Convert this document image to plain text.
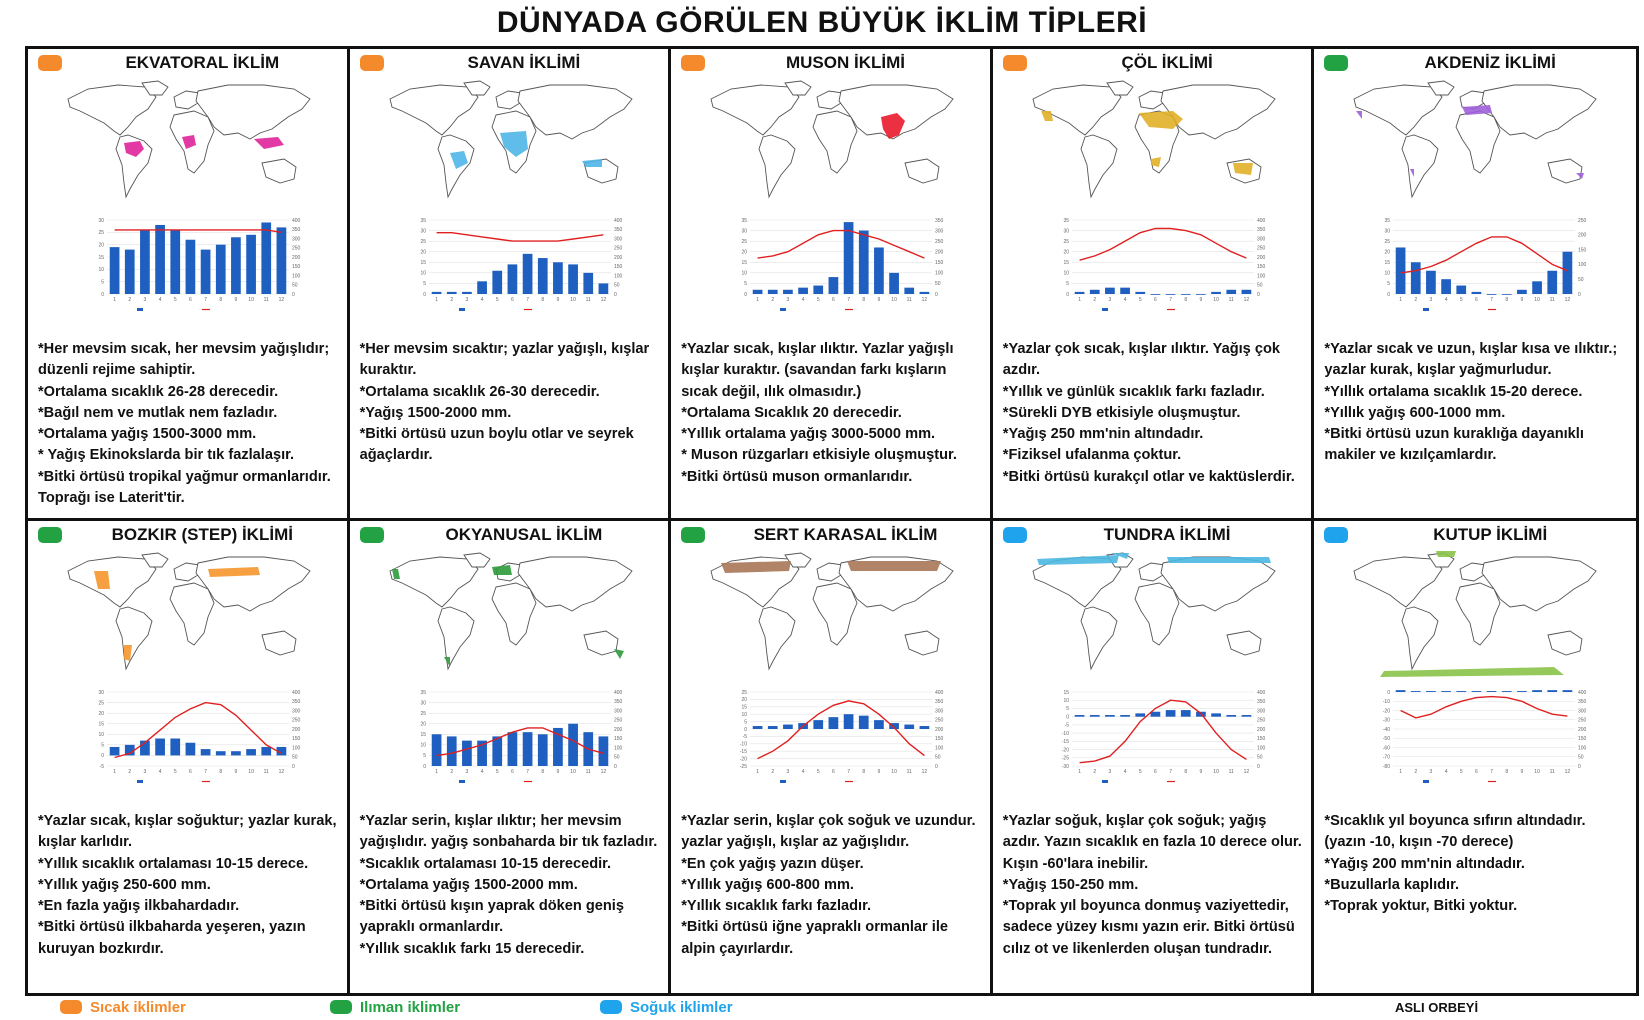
DÜNYADA GÖRÜLEN BÜYÜK İKLİM TİPLERİ
EKVATORAL İKLİM
30
25
20
15
10
5
0
400
350
300
250
200
150
100
50
0
1 2 3 4 5 6 7 8 9 10 11 12

*Her mevsim sıcak, her mevsim yağışlıdır; düzenli rejime sahiptir.

*Ortalama sıcaklık 26-28 derecedir.

*Bağıl nem ve mutlak nem fazladır.

*Ortalama yağış 1500-3000 mm.

* Yağış Ekinokslarda bir tık fazlalaşır.

*Bitki örtüsü tropikal yağmur ormanlarıdır. Toprağı ise Laterit'tir.

SAVAN İKLİMİ
35
30
25
20
15
10
5
0
400
350
300
250
200
150
100
50
0
1 2 3 4 5 6 7 8 9 10 11 12

*Her mevsim sıcaktır; yazlar yağışlı, kışlar kuraktır.

*Ortalama sıcaklık 26-30 derecedir.

*Yağış 1500-2000 mm.

*Bitki örtüsü uzun boylu otlar ve seyrek ağaçlardır.

MUSON İKLİMİ
35
30
25
20
15
10
5
0
350
300
250
200
150
100
50
0
1 2 3 4 5 6 7 8 9 10 11 12

*Yazlar sıcak, kışlar ılıktır. Yazlar yağışlı kışlar kuraktır. (savandan farkı kışların sıcak değil, ılık olmasıdır.)

*Ortalama Sıcaklık 20 derecedir.

*Yıllık ortalama yağış 3000-5000 mm.

* Muson rüzgarları etkisiyle oluşmuştur.

*Bitki örtüsü muson ormanlarıdır.

ÇÖL İKLİMİ
35
30
25
20
15
10
5
0
400
350
300
250
200
150
100
50
0
1 2 3 4 5 6 7 8 9 10 11 12

*Yazlar çok sıcak, kışlar ılıktır. Yağış çok azdır.

*Yıllık ve günlük sıcaklık farkı fazladır.

*Sürekli DYB etkisiyle oluşmuştur.

*Yağış 250 mm'nin altındadır.

*Fiziksel ufalanma çoktur.

*Bitki örtüsü kurakçıl otlar ve kaktüslerdir.

AKDENİZ İKLİMİ
35
30
25
20
15
10
5
0
250
200
150
100
50
0
1 2 3 4 5 6 7 8 9 10 11 12

*Yazlar sıcak ve uzun, kışlar kısa ve ılıktır.; yazlar kurak, kışlar yağmurludur.

*Yıllık ortalama sıcaklık 15-20 derece.

*Yıllık yağış 600-1000 mm.

*Bitki örtüsü uzun kuraklığa dayanıklı makiler ve kızılçamlardır.

BOZKIR (STEP) İKLİMİ
30
25
20
15
10
5
0
-5
400
350
300
250
200
150
100
50
0
1 2 3 4 5 6 7 8 9 10 11 12

*Yazlar sıcak, kışlar soğuktur; yazlar kurak, kışlar karlıdır.

*Yıllık sıcaklık ortalaması 10-15 derece.

*Yıllık yağış 250-600 mm.

*En fazla yağış ilkbahardadır.

*Bitki örtüsü ilkbaharda yeşeren, yazın kuruyan bozkırdır.

OKYANUSAL İKLİM
35
30
25
20
15
10
5
0
400
350
300
250
200
150
100
50
0
1 2 3 4 5 6 7 8 9 10 11 12

*Yazlar serin, kışlar ılıktır; her mevsim yağışlıdır. yağış sonbaharda bir tık fazladır.

*Sıcaklık ortalaması 10-15 derecedir.

*Ortalama yağış 1500-2000 mm.

*Bitki örtüsü kışın yaprak döken geniş yapraklı ormanlardır.

*Yıllık sıcaklık farkı 15 derecedir.

SERT KARASAL İKLİM
25
20
15
10
5
0
-5
-10
-15
-20
-25
400
350
300
250
200
150
100
50
0
1 2 3 4 5 6 7 8 9 10 11 12

*Yazlar serin, kışlar çok soğuk ve uzundur. yazlar yağışlı, kışlar az yağışlıdır.

*En çok yağış yazın düşer.

*Yıllık yağış 600-800 mm.

*Yıllık sıcaklık farkı fazladır.

*Bitki örtüsü iğne yapraklı ormanlar ile alpin çayırlardır.

TUNDRA İKLİMİ
15
10
5
0
-5
-10
-15
-20
-25
-30
400
350
300
250
200
150
100
50
0
1 2 3 4 5 6 7 8 9 10 11 12

*Yazlar soğuk, kışlar çok soğuk; yağış azdır. Yazın sıcaklık en fazla 10 derece olur. Kışın -60'lara inebilir.

*Yağış 150-250 mm.

*Toprak yıl boyunca donmuş vaziyettedir, sadece yüzey kısmı yazın erir. Bitki örtüsü cılız ot ve likenlerden oluşan tundradır.

KUTUP İKLİMİ
0
-10
-20
-30
-40
-50
-60
-70
-80
400
350
300
250
200
150
100
50
0
1 2 3 4 5 6 7 8 9 10 11 12

*Sıcaklık yıl boyunca sıfırın altındadır. (yazın -10, kışın -70 derece)

*Yağış 200 mm'nin altındadır.

*Buzullarla kaplıdır.

*Toprak yoktur, Bitki yoktur.

Sıcak iklimler	Ilıman iklimler	Soğuk iklimler	ASLI ORBEYİ
